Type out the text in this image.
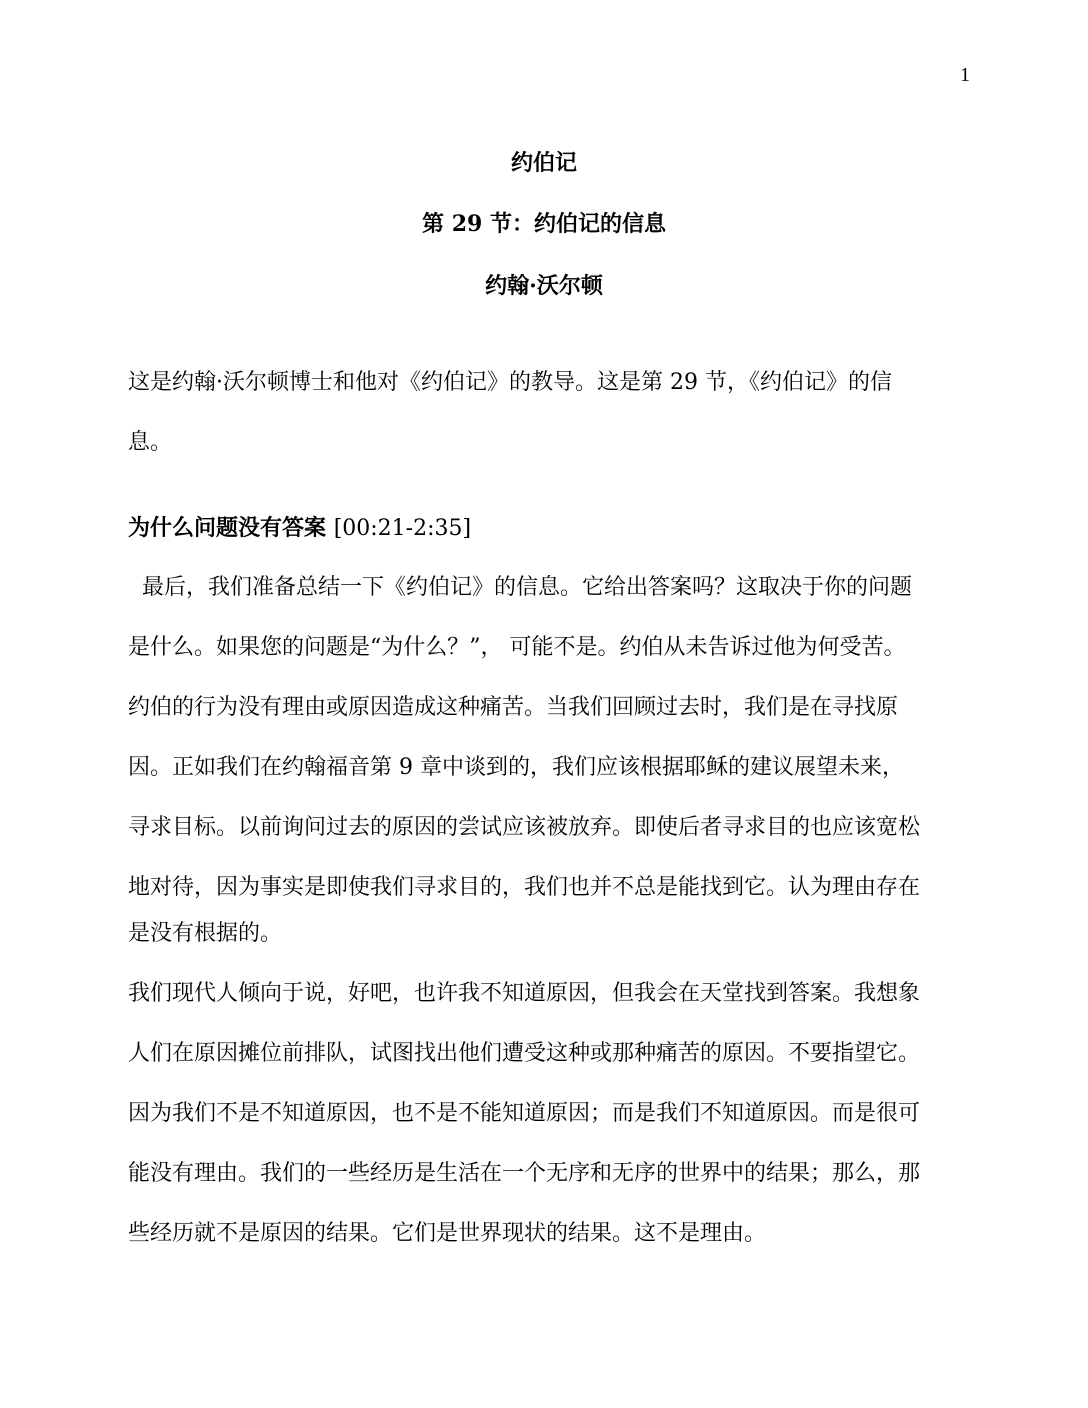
1
约伯记
第 29 节：约伯记的信息
约翰·沃尔顿
这是约翰·沃尔顿博士和他对《约伯记》的教导。这是第 29 节，《约伯记》的信
息。
为什么问题没有答案 [00:21-2:35]
最后，我们准备总结一下《约伯记》的信息。它给出答案吗？这取决于你的问题
是什么。如果您的问题是“为什么？”， 可能不是。约伯从未告诉过他为何受苦。
约伯的行为没有理由或原因造成这种痛苦。当我们回顾过去时，我们是在寻找原
因。正如我们在约翰福音第 9 章中谈到的，我们应该根据耶稣的建议展望未来，
寻求目标。以前询问过去的原因的尝试应该被放弃。即使后者寻求目的也应该宽松
地对待，因为事实是即使我们寻求目的，我们也并不总是能找到它。认为理由存在
是没有根据的。
我们现代人倾向于说，好吧，也许我不知道原因，但我会在天堂找到答案。我想象
人们在原因摊位前排队，试图找出他们遭受这种或那种痛苦的原因。不要指望它。
因为我们不是不知道原因，也不是不能知道原因；而是我们不知道原因。而是很可
能没有理由。我们的一些经历是生活在一个无序和无序的世界中的结果；那么，那
些经历就不是原因的结果。它们是世界现状的结果。这不是理由。
